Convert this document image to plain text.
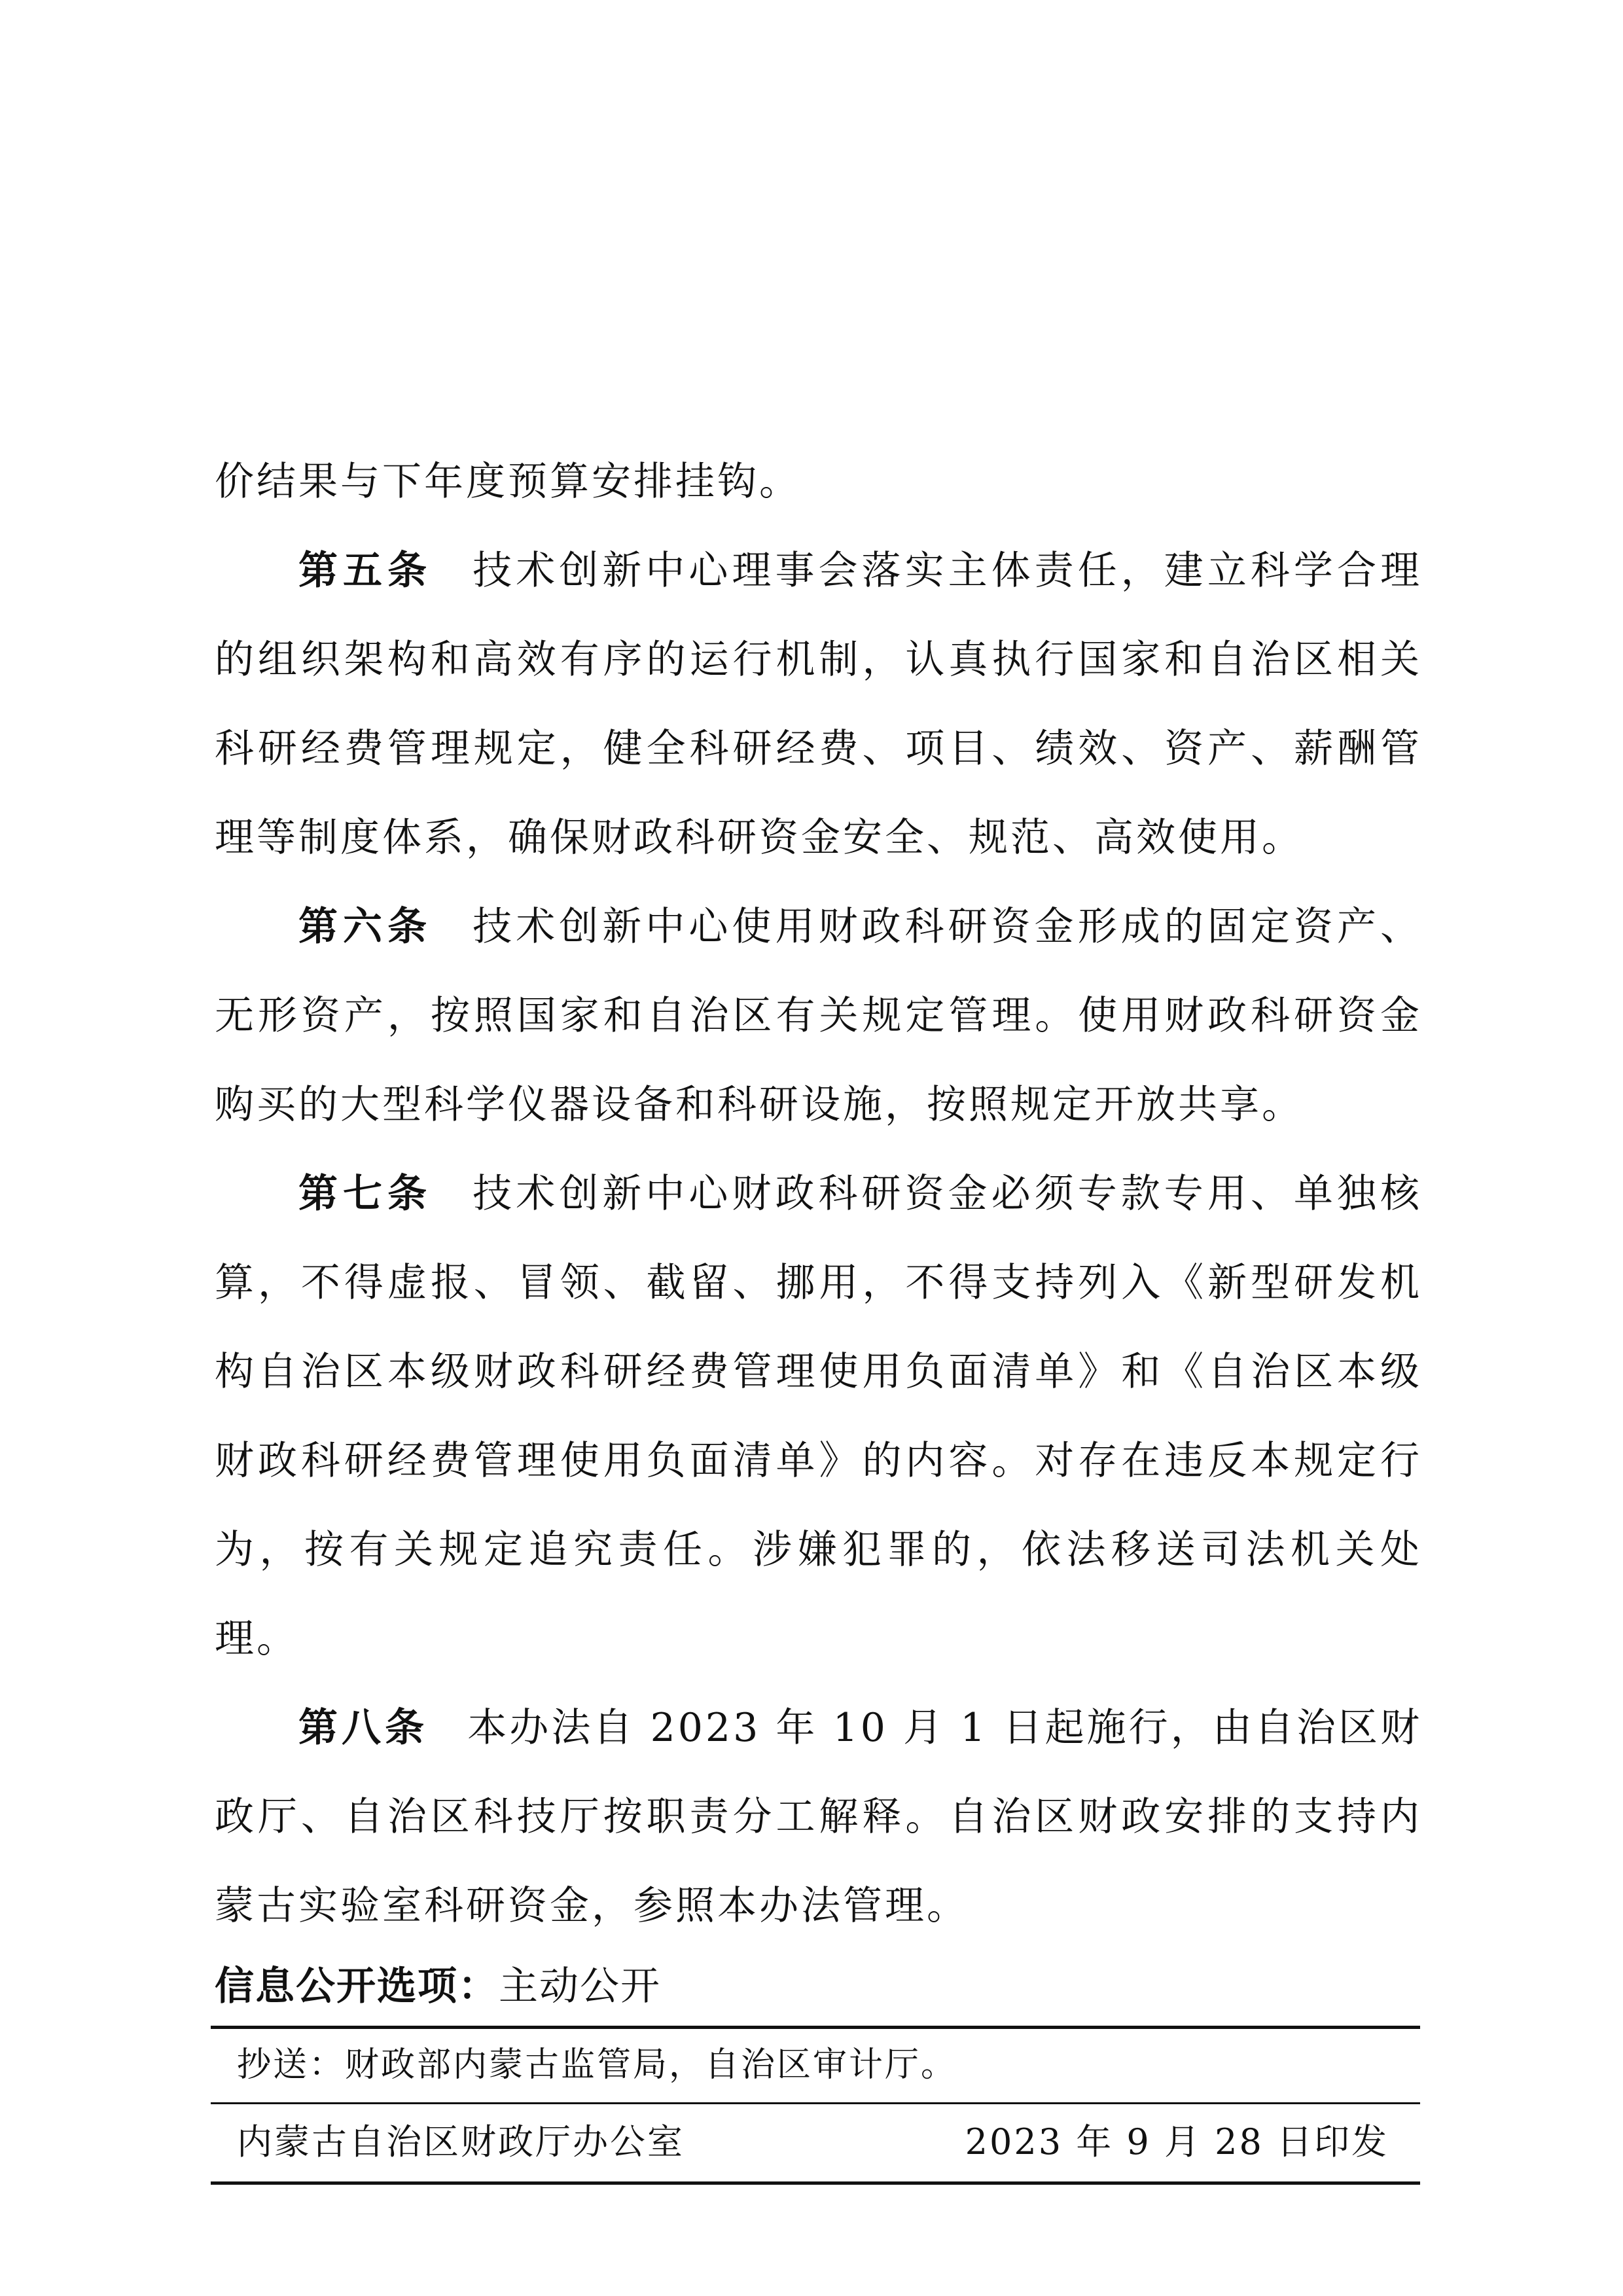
价结果与下年度预算安排挂钩。

第五条 技术创新中心理事会落实主体责任，建立科学合理的组织架构和高效有序的运行机制，认真执行国家和自治区相关科研经费管理规定，健全科研经费、项目、绩效、资产、薪酬管理等制度体系，确保财政科研资金安全、规范、高效使用。

第六条 技术创新中心使用财政科研资金形成的固定资产、无形资产，按照国家和自治区有关规定管理。使用财政科研资金购买的大型科学仪器设备和科研设施，按照规定开放共享。

第七条 技术创新中心财政科研资金必须专款专用、单独核算，不得虚报、冒领、截留、挪用，不得支持列入《新型研发机构自治区本级财政科研经费管理使用负面清单》和《自治区本级财政科研经费管理使用负面清单》的内容。对存在违反本规定行为，按有关规定追究责任。涉嫌犯罪的，依法移送司法机关处理。

第八条 本办法自 2023 年 10 月 1 日起施行，由自治区财政厅、自治区科技厅按职责分工解释。自治区财政安排的支持内蒙古实验室科研资金，参照本办法管理。

信息公开选项：主动公开
抄送：财政部内蒙古监管局，自治区审计厅。
内蒙古自治区财政厅办公室	2023 年 9 月 28 日印发
